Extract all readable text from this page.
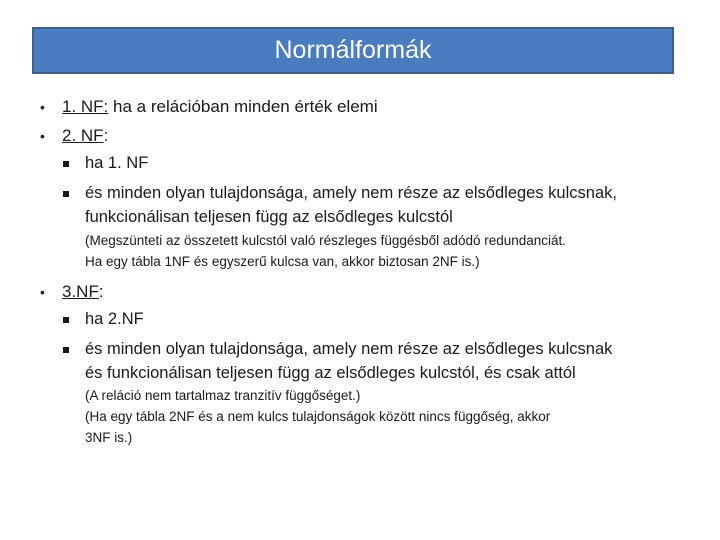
Normálformák
• 1. NF: ha a relációban minden érték elemi
• 2. NF:
ha 1. NF
és minden olyan tulajdonsága, amely nem része az elsődleges kulcsnak,
funkcionálisan teljesen függ az elsődleges kulcstól
(Megszünteti az összetett kulcstól való részleges függésből adódó redundanciát.
Ha egy tábla 1NF és egyszerű kulcsa van, akkor biztosan 2NF is.)
• 3.NF:
ha 2.NF
és minden olyan tulajdonsága, amely nem része az elsődleges kulcsnak
és funkcionálisan teljesen függ az elsődleges kulcstól, és csak attól
(A reláció nem tartalmaz tranzitív függőséget.)
(Ha egy tábla 2NF és a nem kulcs tulajdonságok között nincs függőség, akkor
3NF is.)
